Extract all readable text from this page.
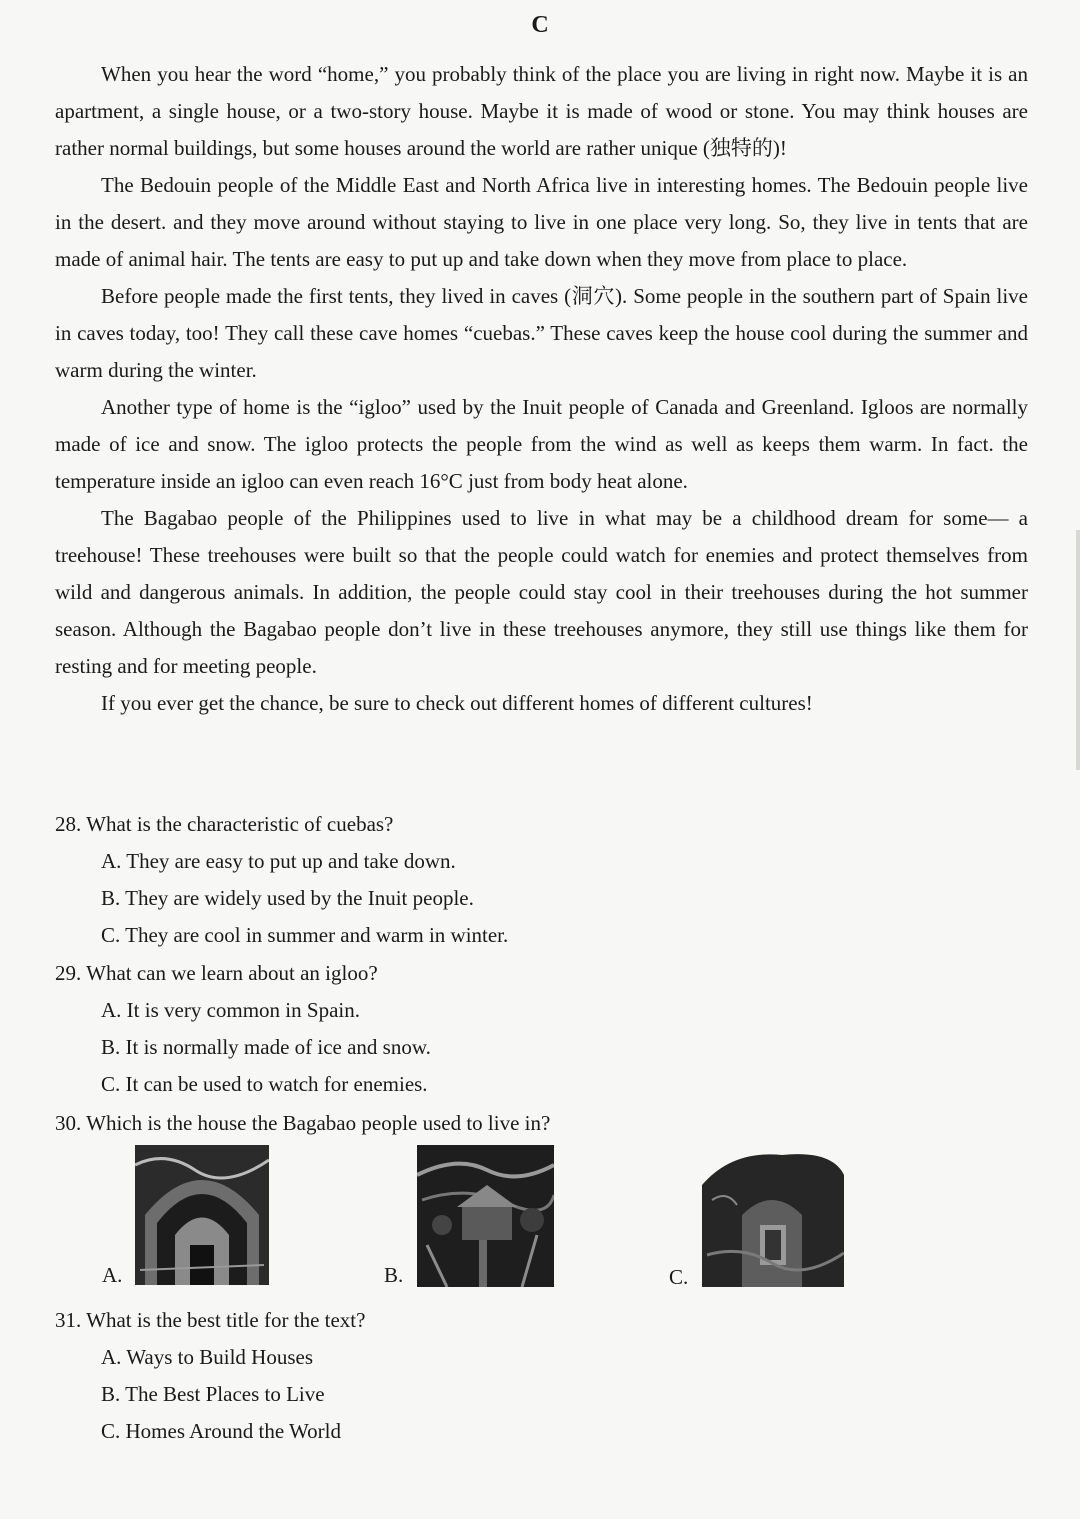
C

When you hear the word “home,” you probably think of the place you are living in right now. Maybe it is an apartment, a single house, or a two-story house. Maybe it is made of wood or stone. You may think houses are rather normal buildings, but some houses around the world are rather unique (独特的)!

The Bedouin people of the Middle East and North Africa live in interesting homes. The Bedouin people live in the desert. and they move around without staying to live in one place very long. So, they live in tents that are made of animal hair. The tents are easy to put up and take down when they move from place to place.

Before people made the first tents, they lived in caves (洞穴). Some people in the southern part of Spain live in caves today, too! They call these cave homes “cuebas.” These caves keep the house cool during the summer and warm during the winter.

Another type of home is the “igloo” used by the Inuit people of Canada and Greenland. Igloos are normally made of ice and snow. The igloo protects the people from the wind as well as keeps them warm. In fact. the temperature inside an igloo can even reach 16°C just from body heat alone.

The Bagabao people of the Philippines used to live in what may be a childhood dream for some— a treehouse! These treehouses were built so that the people could watch for enemies and protect themselves from wild and dangerous animals. In addition, the people could stay cool in their treehouses during the hot summer season. Although the Bagabao people don’t live in these treehouses anymore, they still use things like them for resting and for meeting people.

If you ever get the chance, be sure to check out different homes of different cultures!

28. What is the characteristic of cuebas?
A. They are easy to put up and take down.
B. They are widely used by the Inuit people.
C. They are cool in summer and warm in winter.
29. What can we learn about an igloo?
A. It is very common in Spain.
B. It is normally made of ice and snow.
C. It can be used to watch for enemies.
30. Which is the house the Bagabao people used to live in?
A.	B.	C.
31. What is the best title for the text?
A. Ways to Build Houses
B. The Best Places to Live
C. Homes Around the World
